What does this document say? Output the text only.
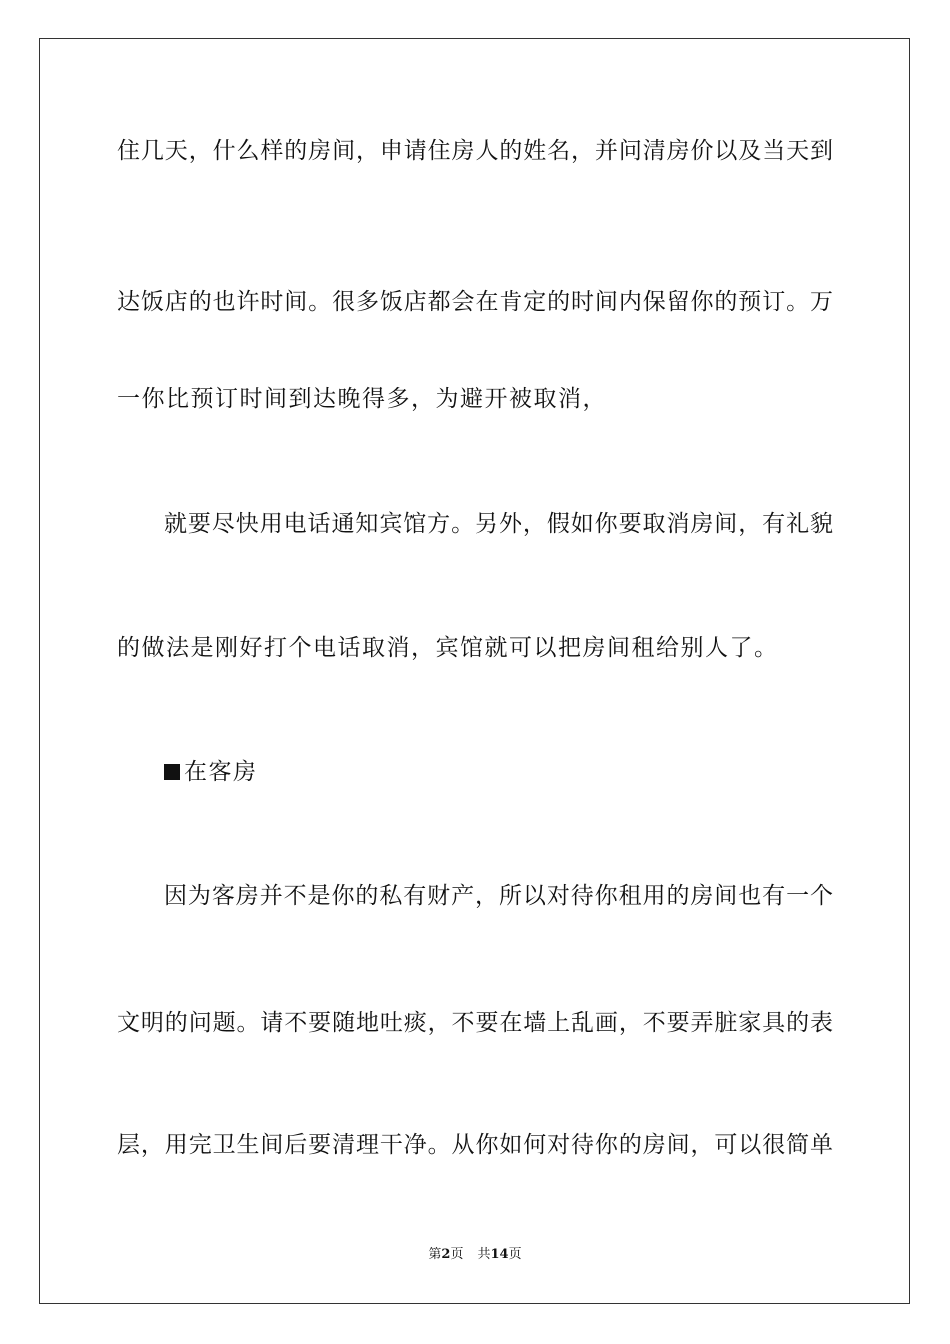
住几天，什么样的房间，申请住房人的姓名，并问清房价以及当天到
达饭店的也许时间。很多饭店都会在肯定的时间内保留你的预订。万
一你比预订时间到达晚得多，为避开被取消，
就要尽快用电话通知宾馆方。另外，假如你要取消房间，有礼貌
的做法是刚好打个电话取消，宾馆就可以把房间租给别人了。
在客房
因为客房并不是你的私有财产，所以对待你租用的房间也有一个
文明的问题。请不要随地吐痰，不要在墙上乱画，不要弄脏家具的表
层，用完卫生间后要清理干净。从你如何对待你的房间，可以很简单
第2页 共14页
